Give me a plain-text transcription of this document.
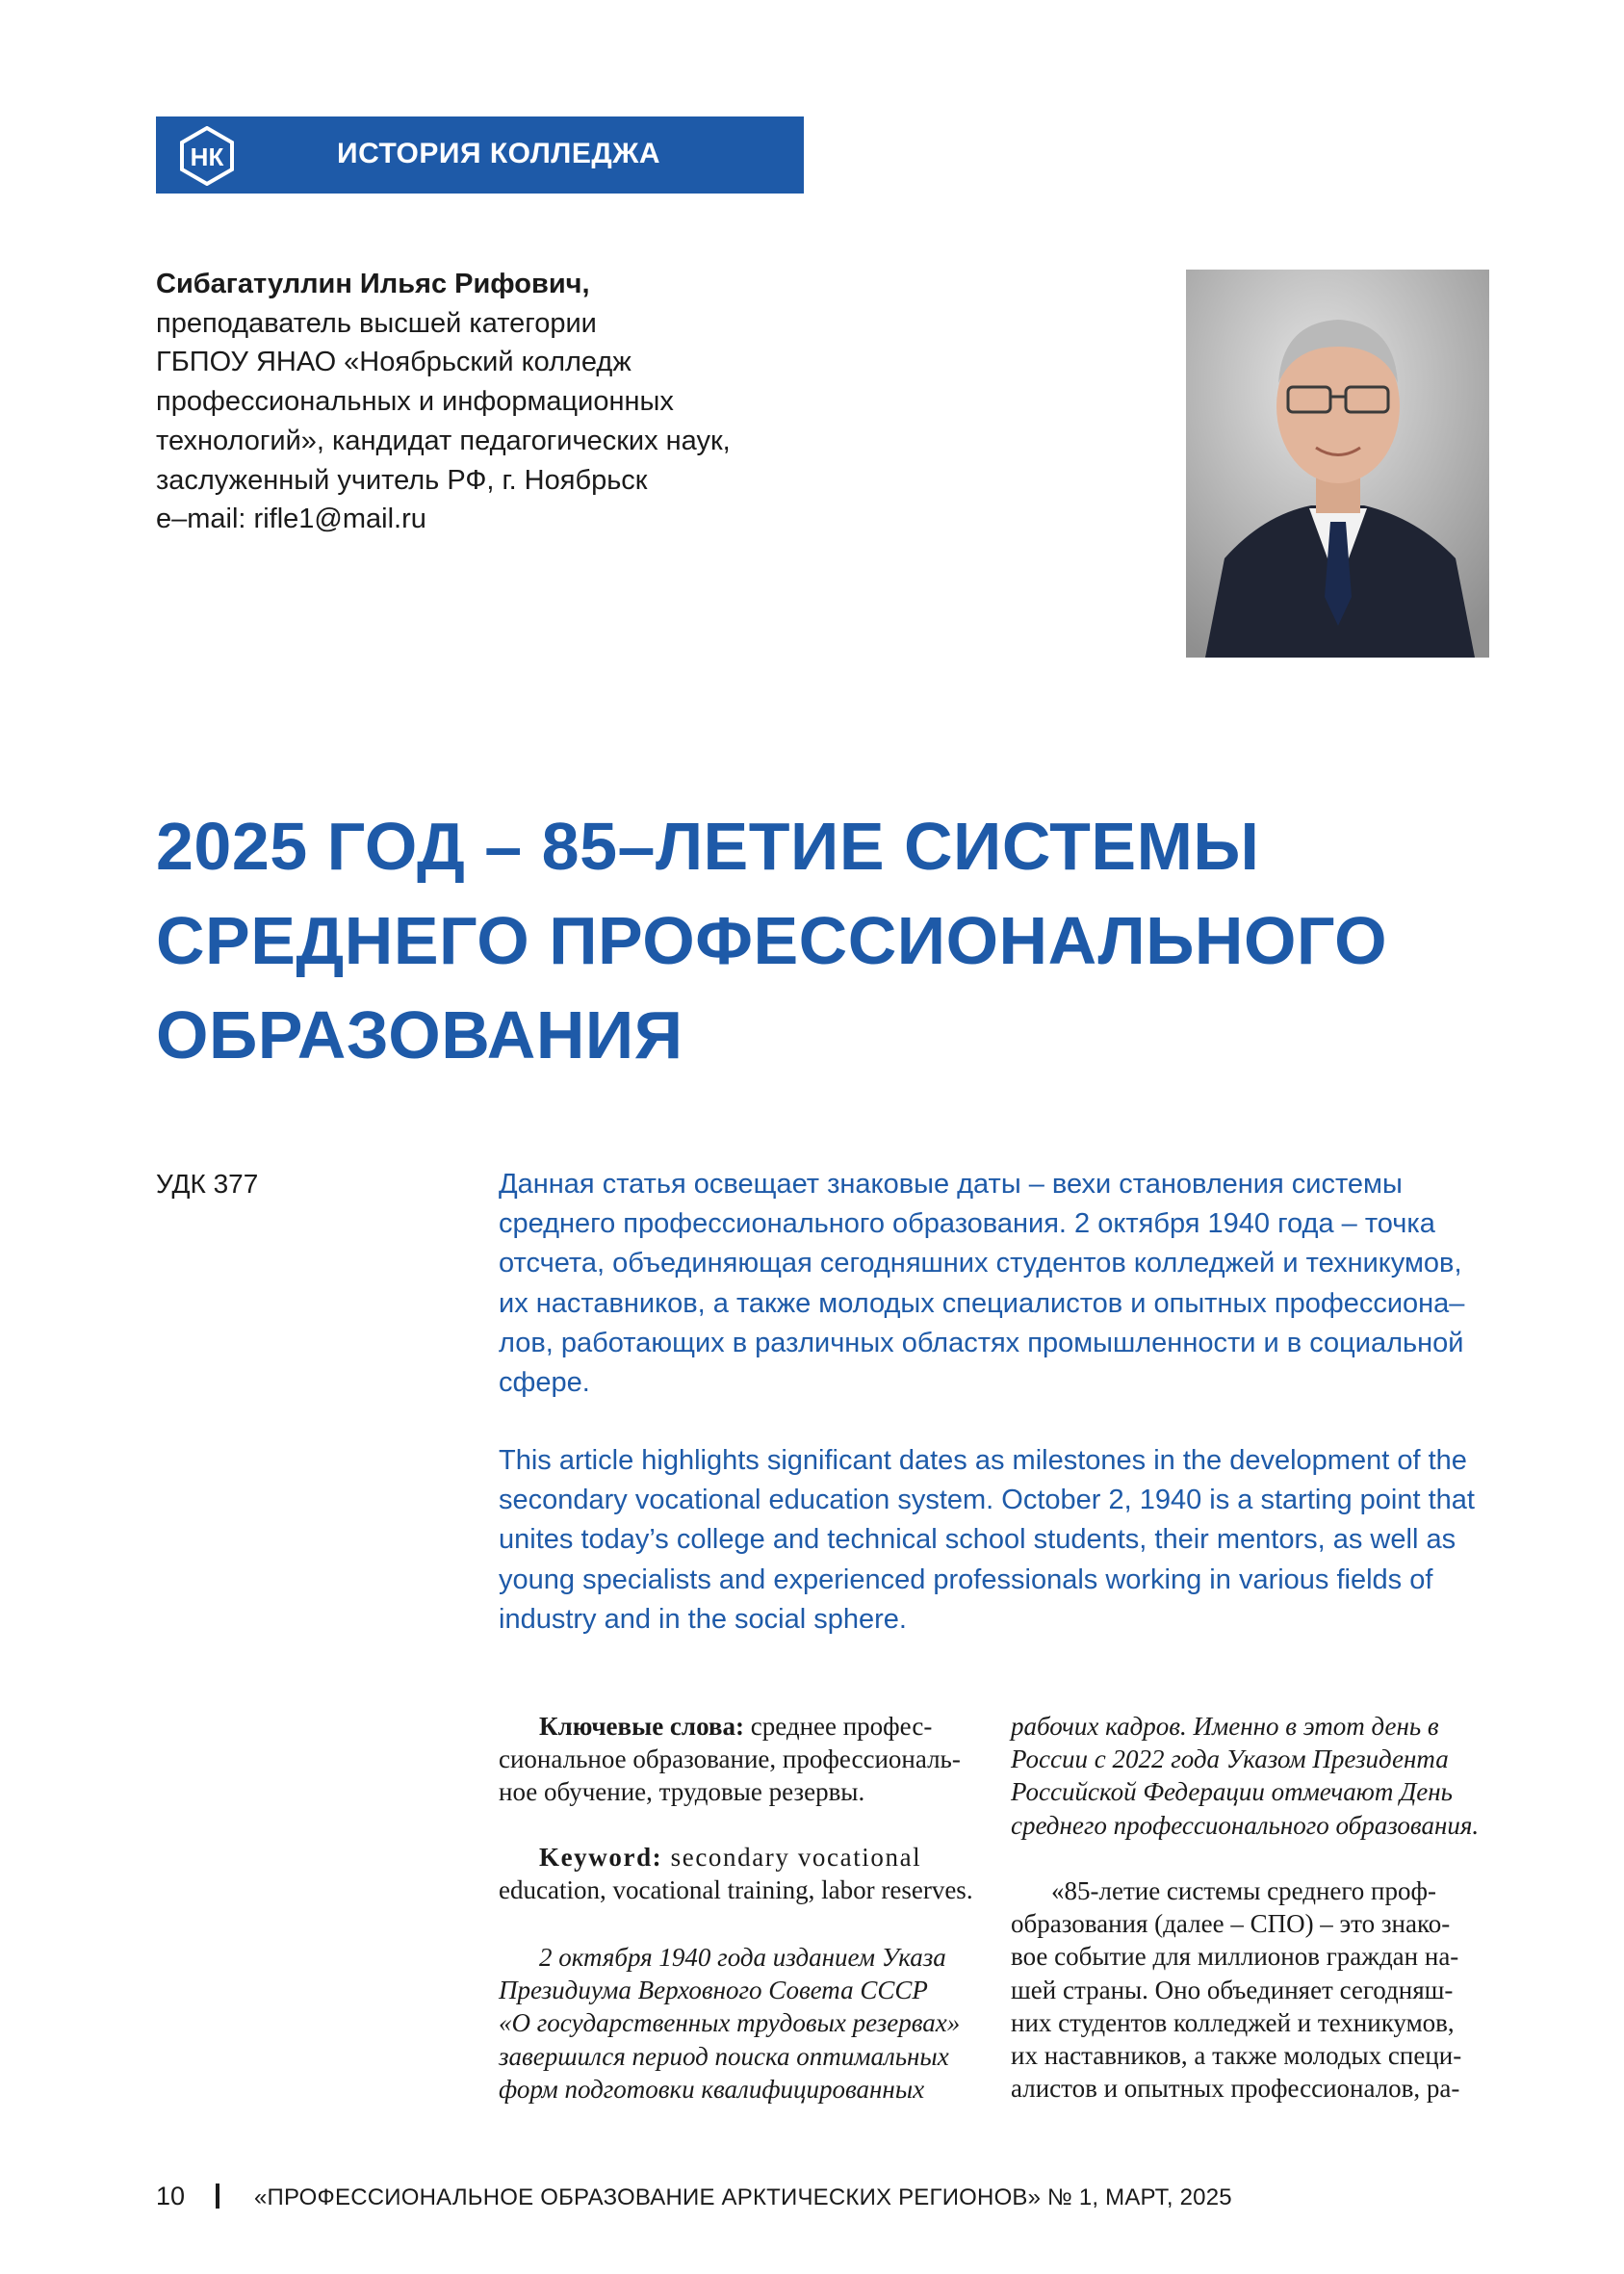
НК	ИСТОРИЯ КОЛЛЕДЖА
Сибагатуллин Ильяс Рифович,
преподаватель высшей категории
ГБПОУ ЯНАО «Ноябрьский колледж
профессиональных и информационных
технологий», кандидат педагогических наук,
заслуженный учитель РФ, г. Ноябрьск
e–mail: rifle1@mail.ru
2025 ГОД – 85–ЛЕТИЕ СИСТЕМЫ
СРЕДНЕГО ПРОФЕССИОНАЛЬНОГО
ОБРАЗОВАНИЯ
УДК 377	Данная статья освещает знаковые даты – вехи становления системы
среднего профессионального образования. 2 октября 1940 года – точка
отсчета, объединяющая сегодняшних студентов колледжей и техникумов,
их наставников, а также молодых специалистов и опытных профессиона–
лов, работающих в различных областях промышленности и в социальной
сфере.
This article highlights significant dates as milestones in the development of the
secondary vocational education system. October 2, 1940 is a starting point that
unites today’s college and technical school students, their mentors, as well as
young specialists and experienced professionals working in various fields of
industry and in the social sphere.
Ключевые слова: среднее профес-
сиональное образование, профессиональ-
ное обучение, трудовые резервы.
Keyword: secondary vocational
education, vocational training, labor reserves.
2 октября 1940 года изданием Указа
Президиума Верховного Совета СССР
«О государственных трудовых резервах»
завершился период поиска оптимальных
форм подготовки квалифицированных
рабочих кадров. Именно в этот день в
России с 2022 года Указом Президента
Российской Федерации отмечают День
среднего профессионального образования.
«85-летие системы среднего проф-
образования (далее – СПО) – это знако-
вое событие для миллионов граждан на-
шей страны. Оно объединяет сегодняш-
них студентов колледжей и техникумов,
их наставников, а также молодых специ-
алистов и опытных профессионалов, ра-
10	«ПРОФЕССИОНАЛЬНОЕ ОБРАЗОВАНИЕ АРКТИЧЕСКИХ РЕГИОНОВ» № 1, МАРТ, 2025
